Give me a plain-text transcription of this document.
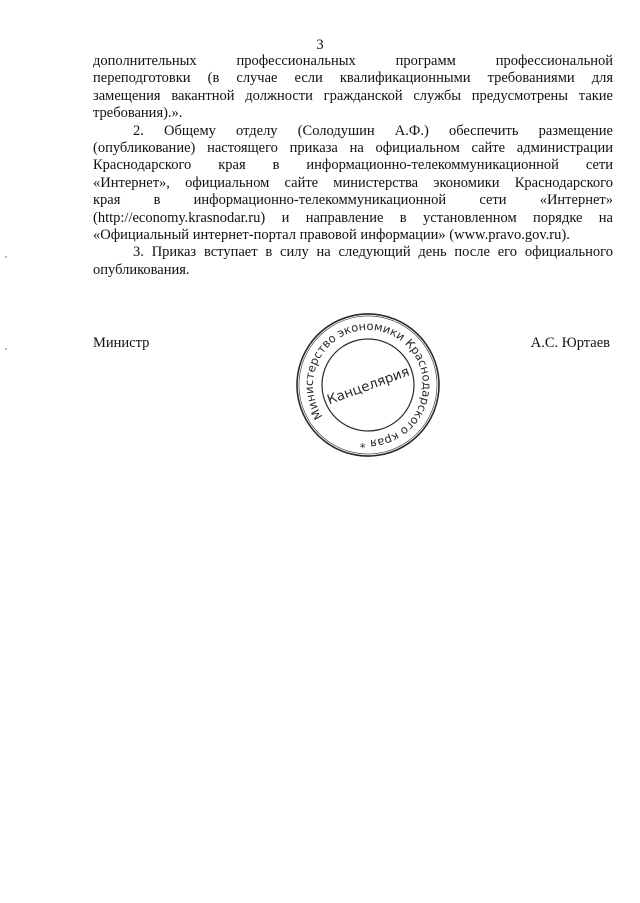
3
дополнительных профессиональных программ профессиональной
переподготовки (в случае если квалификационными требованиями для
замещения вакантной должности гражданской службы предусмотрены такие
требования).».
2. Общему отделу (Солодушин А.Ф.) обеспечить размещение
(опубликование) настоящего приказа на официальном сайте администрации
Краснодарского края в информационно-телекоммуникационной сети
«Интернет», официальном сайте министерства экономики Краснодарского
края в информационно-телекоммуникационной сети «Интернет»
(http://economy.krasnodar.ru) и направление в установленном порядке на
«Официальный интернет-портал правовой информации» (www.pravo.gov.ru).
3. Приказ вступает в силу на следующий день после его официального
опубликования.
Министр	А.С. Юртаев
Министерство экономики Краснодарского края *
Канцелярия
